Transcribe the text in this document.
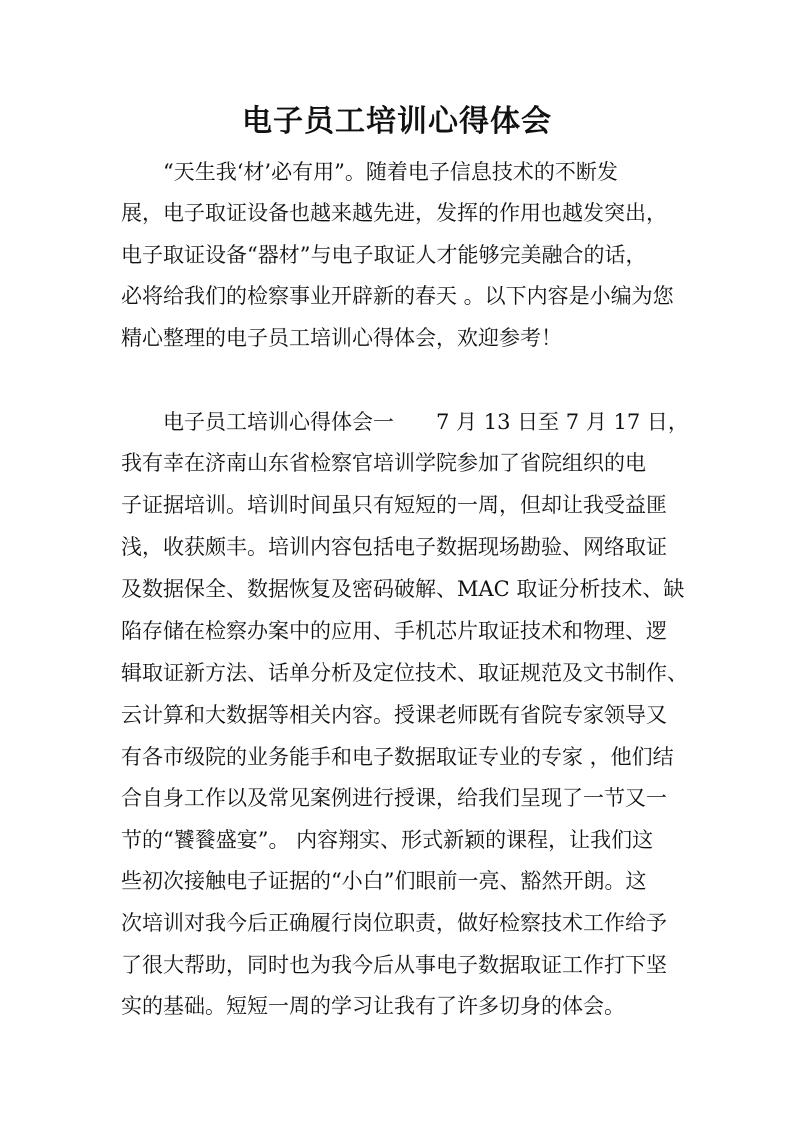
电子员工培训心得体会
“天生我‘材’必有用”。随着电子信息技术的不断发
展，电子取证设备也越来越先进，发挥的作用也越发突出，
电子取证设备“器材”与电子取证人才能够完美融合的话，
必将给我们的检察事业开辟新的春天 。以下内容是小编为您
精心整理的电子员工培训心得体会，欢迎参考！
电子员工培训心得体会一　　7 月 13 日至 7 月 17 日，
我有幸在济南山东省检察官培训学院参加了省院组织的电
子证据培训。培训时间虽只有短短的一周，但却让我受益匪
浅，收获颇丰。培训内容包括电子数据现场勘验、网络取证
及数据保全、数据恢复及密码破解、MAC 取证分析技术、缺
陷存储在检察办案中的应用、手机芯片取证技术和物理、逻
辑取证新方法、话单分析及定位技术、取证规范及文书制作、
云计算和大数据等相关内容。授课老师既有省院专家领导又
有各市级院的业务能手和电子数据取证专业的专家 ，他们结
合自身工作以及常见案例进行授课，给我们呈现了一节又一
节的“饕餮盛宴”。 内容翔实、形式新颖的课程，让我们这
些初次接触电子证据的“小白”们眼前一亮、豁然开朗。这
次培训对我今后正确履行岗位职责，做好检察技术工作给予
了很大帮助，同时也为我今后从事电子数据取证工作打下坚
实的基础。短短一周的学习让我有了许多切身的体会。
